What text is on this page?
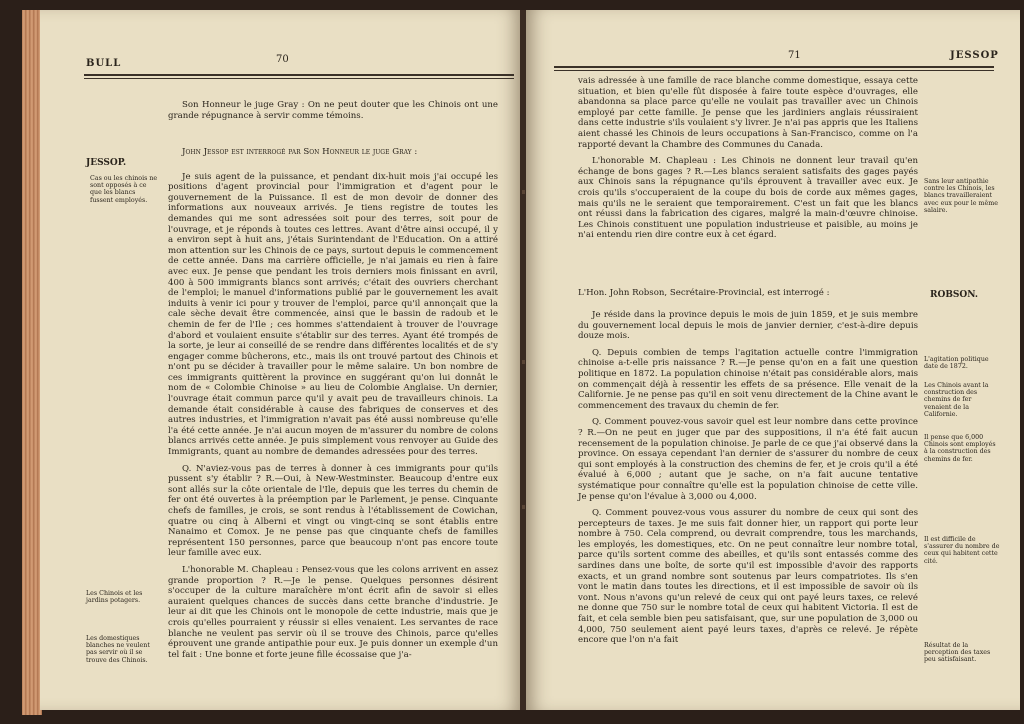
BULL	70

Son Honneur le juge Gray : On ne peut douter que les Chinois ont une grande répugnance à servir comme témoins.

JESSOP.

John Jessop est interrogé par Son Honneur le juge Gray :

Je suis agent de la puissance, et pendant dix-huit mois j'ai occupé les positions d'agent provincial pour l'immigration et d'agent pour le gouvernement de la Puissance. Il est de mon devoir de donner des informations aux nouveaux arrivés. Je tiens registre de toutes les demandes qui me sont adressées soit pour des terres, soit pour de l'ouvrage, et je réponds à toutes ces lettres. Avant d'être ainsi occupé, il y a environ sept à huit ans, j'étais Surintendant de l'Education. On a attiré mon attention sur les Chinois de ce pays, surtout depuis le commencement de cette année. Dans ma carrière officielle, je n'ai jamais eu rien à faire avec eux. Je pense que pendant les trois derniers mois finissant en avril, 400 à 500 immigrants blancs sont arrivés; c'était des ouvriers cherchant de l'emploi; le manuel d'informations publié par le gouvernement les avait induits à venir ici pour y trouver de l'emploi, parce qu'il annonçait que la cale sèche devait être commencée, ainsi que le bassin de radoub et le chemin de fer de l'Ile ; ces hommes s'attendaient à trouver de l'ouvrage d'abord et voulaient ensuite s'établir sur des terres. Ayant été trompés de la sorte, je leur ai conseillé de se rendre dans différentes localités et de s'y engager comme bûcherons, etc., mais ils ont trouvé partout des Chinois et n'ont pu se décider à travailler pour le même salaire. Un bon nombre de ces immigrants quittèrent la province en suggérant qu'on lui donnât le nom de « Colombie Chinoise » au lieu de Colombie Anglaise. Un dernier, l'ouvrage était commun parce qu'il y avait peu de travailleurs chinois. La demande était considérable à cause des fabriques de conserves et des autres industries, et l'immigration n'avait pas été aussi nombreuse qu'elle l'a été cette année. Je n'ai aucun moyen de m'assurer du nombre de colons blancs arrivés cette année. Je puis simplement vous renvoyer au Guide des Immigrants, quant au nombre de demandes adressées pour des terres.

Q. N'aviez-vous pas de terres à donner à ces immigrants pour qu'ils pussent s'y établir ? R.—Oui, à New-Westminster. Beaucoup d'entre eux sont allés sur la côte orientale de l'Ile, depuis que les terres du chemin de fer ont été ouvertes à la préemption par le Parlement, je pense. Cinquante chefs de familles, je crois, se sont rendus à l'établissement de Cowichan, quatre ou cinq à Alberni et vingt ou vingt-cinq se sont établis entre Nanaimo et Comox. Je ne pense pas que cinquante chefs de familles représentent 150 personnes, parce que beaucoup n'ont pas encore toute leur famille avec eux.

L'honorable M. Chapleau : Pensez-vous que les colons arrivent en assez grande proportion ? R.—Je le pense. Quelques personnes désirent s'occuper de la culture maraîchère m'ont écrit afin de savoir si elles auraient quelques chances de succès dans cette branche d'industrie. Je leur ai dit que les Chinois ont le monopole de cette industrie, mais que je crois qu'elles pourraient y réussir si elles venaient. Les servantes de race blanche ne veulent pas servir où il se trouve des Chinois, parce qu'elles éprouvent une grande antipathie pour eux. Je puis donner un exemple d'un tel fait : Une bonne et forte jeune fille écossaise que j'a-

Cas ou les chinois ne sont opposés à ce que les blancs fussent employés.
Les Chinois et les jardins potagers.
Les domestiques blanches ne veulent pas servir où il se trouve des Chinois.
71	JESSOP

vais adressée à une famille de race blanche comme domestique, essaya cette situation, et bien qu'elle fût disposée à faire toute espèce d'ouvrages, elle abandonna sa place parce qu'elle ne voulait pas travailler avec un Chinois employé par cette famille. Je pense que les jardiniers anglais réussiraient dans cette industrie s'ils voulaient s'y livrer. Je n'ai pas appris que les Italiens aient chassé les Chinois de leurs occupations à San-Francisco, comme on l'a rapporté devant la Chambre des Communes du Canada.

L'honorable M. Chapleau : Les Chinois ne donnent leur travail qu'en échange de bons gages ? R.—Les blancs seraient satisfaits des gages payés aux Chinois sans la répugnance qu'ils éprouvent à travailler avec eux. Je crois qu'ils s'occuperaient de la coupe du bois de corde aux mêmes gages, mais qu'ils ne le seraient que temporairement. C'est un fait que les blancs ont réussi dans la fabrication des cigares, malgré la main-d'œuvre chinoise. Les Chinois constituent une population industrieuse et paisible, au moins je n'ai entendu rien dire contre eux à cet égard.

L'Hon. John Robson, Secrétaire-Provincial, est interrogé :	ROBSON.

Je réside dans la province depuis le mois de juin 1859, et je suis membre du gouvernement local depuis le mois de janvier dernier, c'est-à-dire depuis douze mois.

Q. Depuis combien de temps l'agitation actuelle contre l'immigration chinoise a-t-elle pris naissance ? R.—Je pense qu'on en a fait une question politique en 1872. La population chinoise n'était pas considérable alors, mais on commençait déjà à ressentir les effets de sa présence. Elle venait de la Californie. Je ne pense pas qu'il en soit venu directement de la Chine avant le commencement des travaux du chemin de fer.

Q. Comment pouvez-vous savoir quel est leur nombre dans cette province ? R.—On ne peut en juger que par des suppositions, il n'a été fait aucun recensement de la population chinoise. Je parle de ce que j'ai observé dans la province. On essaya cependant l'an dernier de s'assurer du nombre de ceux qui sont employés à la construction des chemins de fer, et je crois qu'il a été évalué à 6,000 ; autant que je sache, on n'a fait aucune tentative systématique pour connaître qu'elle est la population chinoise de cette ville. Je pense qu'on l'évalue à 3,000 ou 4,000.

Q. Comment pouvez-vous vous assurer du nombre de ceux qui sont des percepteurs de taxes. Je me suis fait donner hier, un rapport qui porte leur nombre à 750. Cela comprend, ou devrait comprendre, tous les marchands, les employés, les domestiques, etc. On ne peut connaître leur nombre total, parce qu'ils sortent comme des abeilles, et qu'ils sont entassés comme des sardines dans une boîte, de sorte qu'il est impossible d'avoir des rapports exacts, et un grand nombre sont soutenus par leurs compatriotes. Ils s'en vont le matin dans toutes les directions, et il est impossible de savoir où ils vont. Nous n'avons qu'un relevé de ceux qui ont payé leurs taxes, ce relevé ne donne que 750 sur le nombre total de ceux qui habitent Victoria. Il est de fait, et cela semble bien peu satisfaisant, que, sur une population de 3,000 ou 4,000, 750 seulement aient payé leurs taxes, d'après ce relevé. Je répète encore que l'on n'a fait

Sans leur antipathie contre les Chinois, les blancs travailleraient avec eux pour le même salaire.
L'agitation politique date de 1872.
Les Chinois avant la construction des chemins de fer venaient de la Californie.
Il pense que 6,000 Chinois sont employés à la construction des chemins de fer.
Il est difficile de s'assurer du nombre de ceux qui habitent cette cité.
Résultat de la perception des taxes peu satisfaisant.
